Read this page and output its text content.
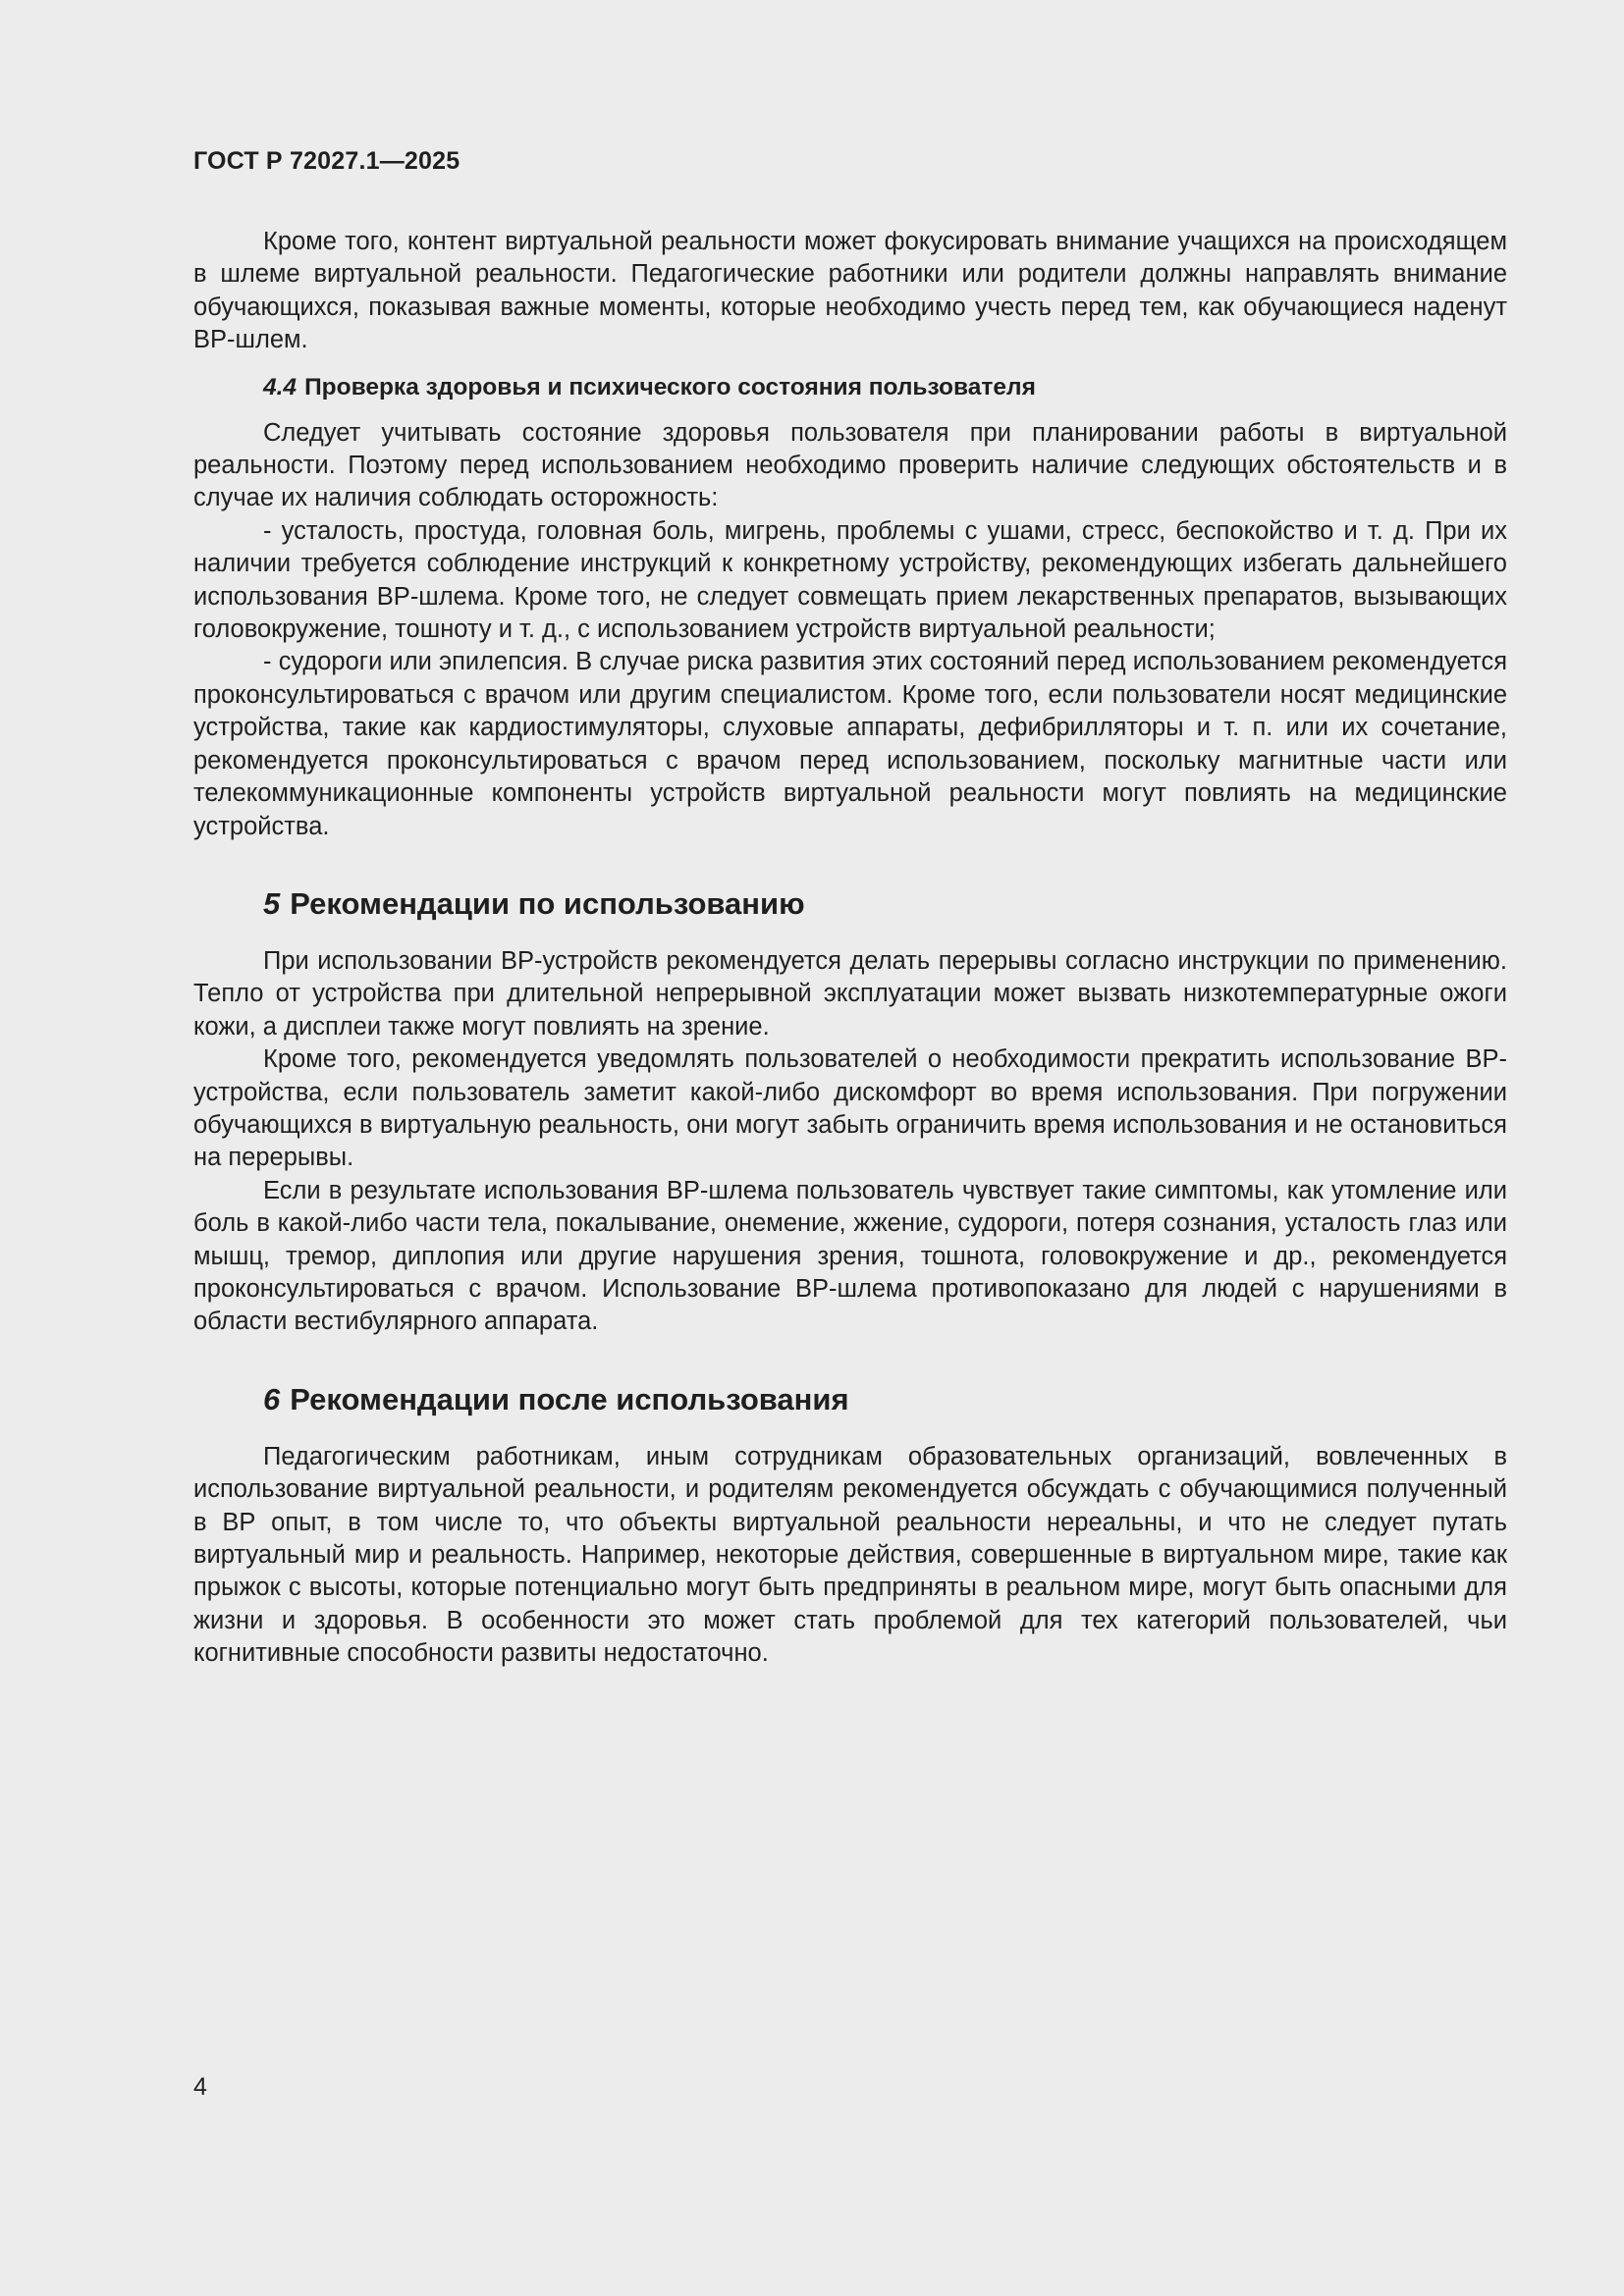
ГОСТ Р 72027.1—2025

Кроме того, контент виртуальной реальности может фокусировать внимание учащихся на происходящем в шлеме виртуальной реальности. Педагогические работники или родители должны направлять внимание обучающихся, показывая важные моменты, которые необходимо учесть перед тем, как обучающиеся наденут ВР-шлем.

4.4 Проверка здоровья и психического состояния пользователя

Следует учитывать состояние здоровья пользователя при планировании работы в виртуальной реальности. Поэтому перед использованием необходимо проверить наличие следующих обстоятельств и в случае их наличия соблюдать осторожность:

- усталость, простуда, головная боль, мигрень, проблемы с ушами, стресс, беспокойство и т. д. При их наличии требуется соблюдение инструкций к конкретному устройству, рекомендующих избегать дальнейшего использования ВР-шлема. Кроме того, не следует совмещать прием лекарственных препаратов, вызывающих головокружение, тошноту и т. д., с использованием устройств виртуальной реальности;

- судороги или эпилепсия. В случае риска развития этих состояний перед использованием рекомендуется проконсультироваться с врачом или другим специалистом. Кроме того, если пользователи носят медицинские устройства, такие как кардиостимуляторы, слуховые аппараты, дефибрилляторы и т. п. или их сочетание, рекомендуется проконсультироваться с врачом перед использованием, поскольку магнитные части или телекоммуникационные компоненты устройств виртуальной реальности могут повлиять на медицинские устройства.

5 Рекомендации по использованию

При использовании ВР-устройств рекомендуется делать перерывы согласно инструкции по применению. Тепло от устройства при длительной непрерывной эксплуатации может вызвать низкотемпературные ожоги кожи, а дисплеи также могут повлиять на зрение.

Кроме того, рекомендуется уведомлять пользователей о необходимости прекратить использование ВР-устройства, если пользователь заметит какой-либо дискомфорт во время использования. При погружении обучающихся в виртуальную реальность, они могут забыть ограничить время использования и не остановиться на перерывы.

Если в результате использования ВР-шлема пользователь чувствует такие симптомы, как утомление или боль в какой-либо части тела, покалывание, онемение, жжение, судороги, потеря сознания, усталость глаз или мышц, тремор, диплопия или другие нарушения зрения, тошнота, головокружение и др., рекомендуется проконсультироваться с врачом. Использование ВР-шлема противопоказано для людей с нарушениями в области вестибулярного аппарата.

6 Рекомендации после использования

Педагогическим работникам, иным сотрудникам образовательных организаций, вовлеченных в использование виртуальной реальности, и родителям рекомендуется обсуждать с обучающимися полученный в ВР опыт, в том числе то, что объекты виртуальной реальности нереальны, и что не следует путать виртуальный мир и реальность. Например, некоторые действия, совершенные в виртуальном мире, такие как прыжок с высоты, которые потенциально могут быть предприняты в реальном мире, могут быть опасными для жизни и здоровья. В особенности это может стать проблемой для тех категорий пользователей, чьи когнитивные способности развиты недостаточно.

4
